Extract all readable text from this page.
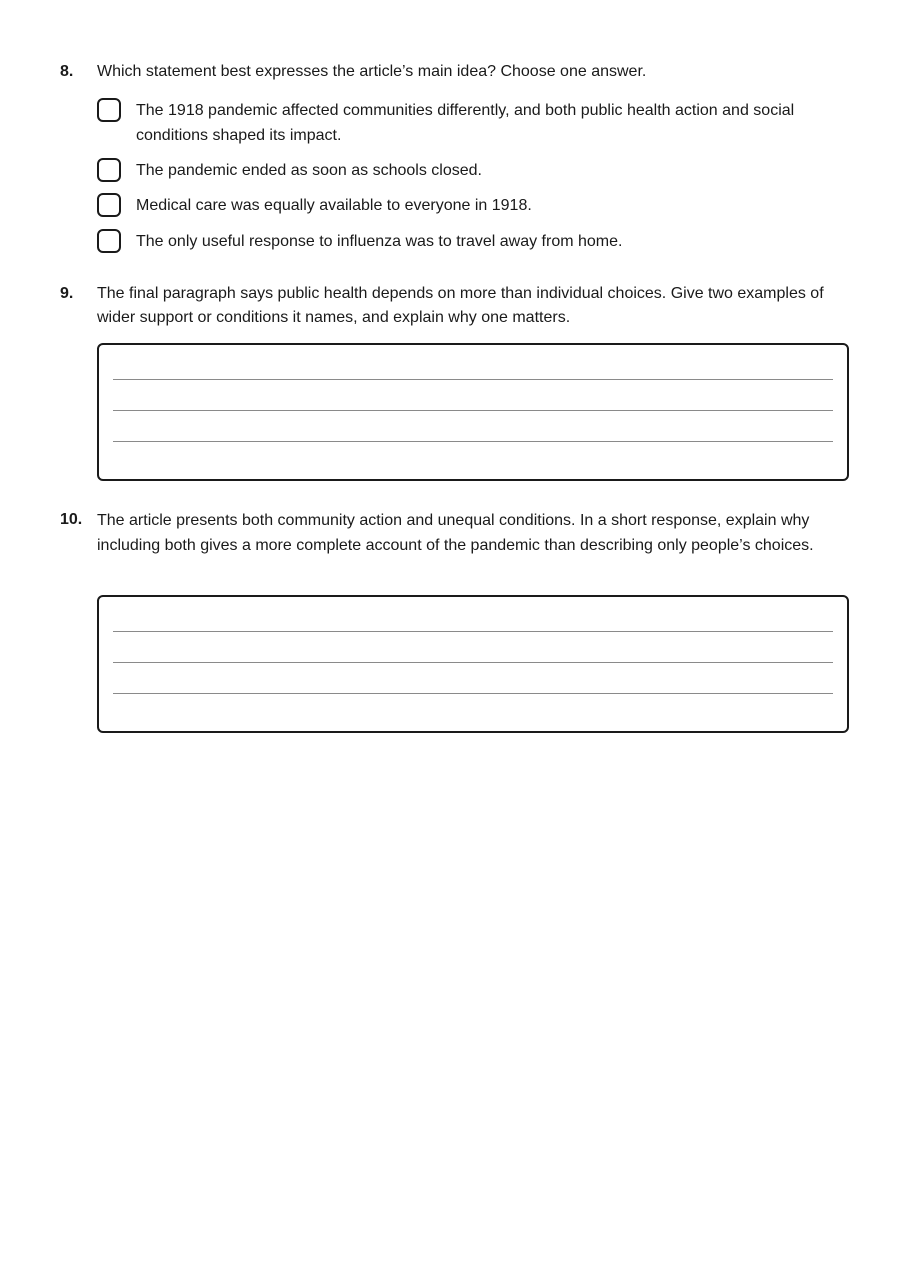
8. Which statement best expresses the article’s main idea? Choose one answer.
The 1918 pandemic affected communities differently, and both public health action and social conditions shaped its impact.
The pandemic ended as soon as schools closed.
Medical care was equally available to everyone in 1918.
The only useful response to influenza was to travel away from home.
9. The final paragraph says public health depends on more than individual choices. Give two examples of wider support or conditions it names, and explain why one matters.
10. The article presents both community action and unequal conditions. In a short response, explain why including both gives a more complete account of the pandemic than describing only people’s choices.
